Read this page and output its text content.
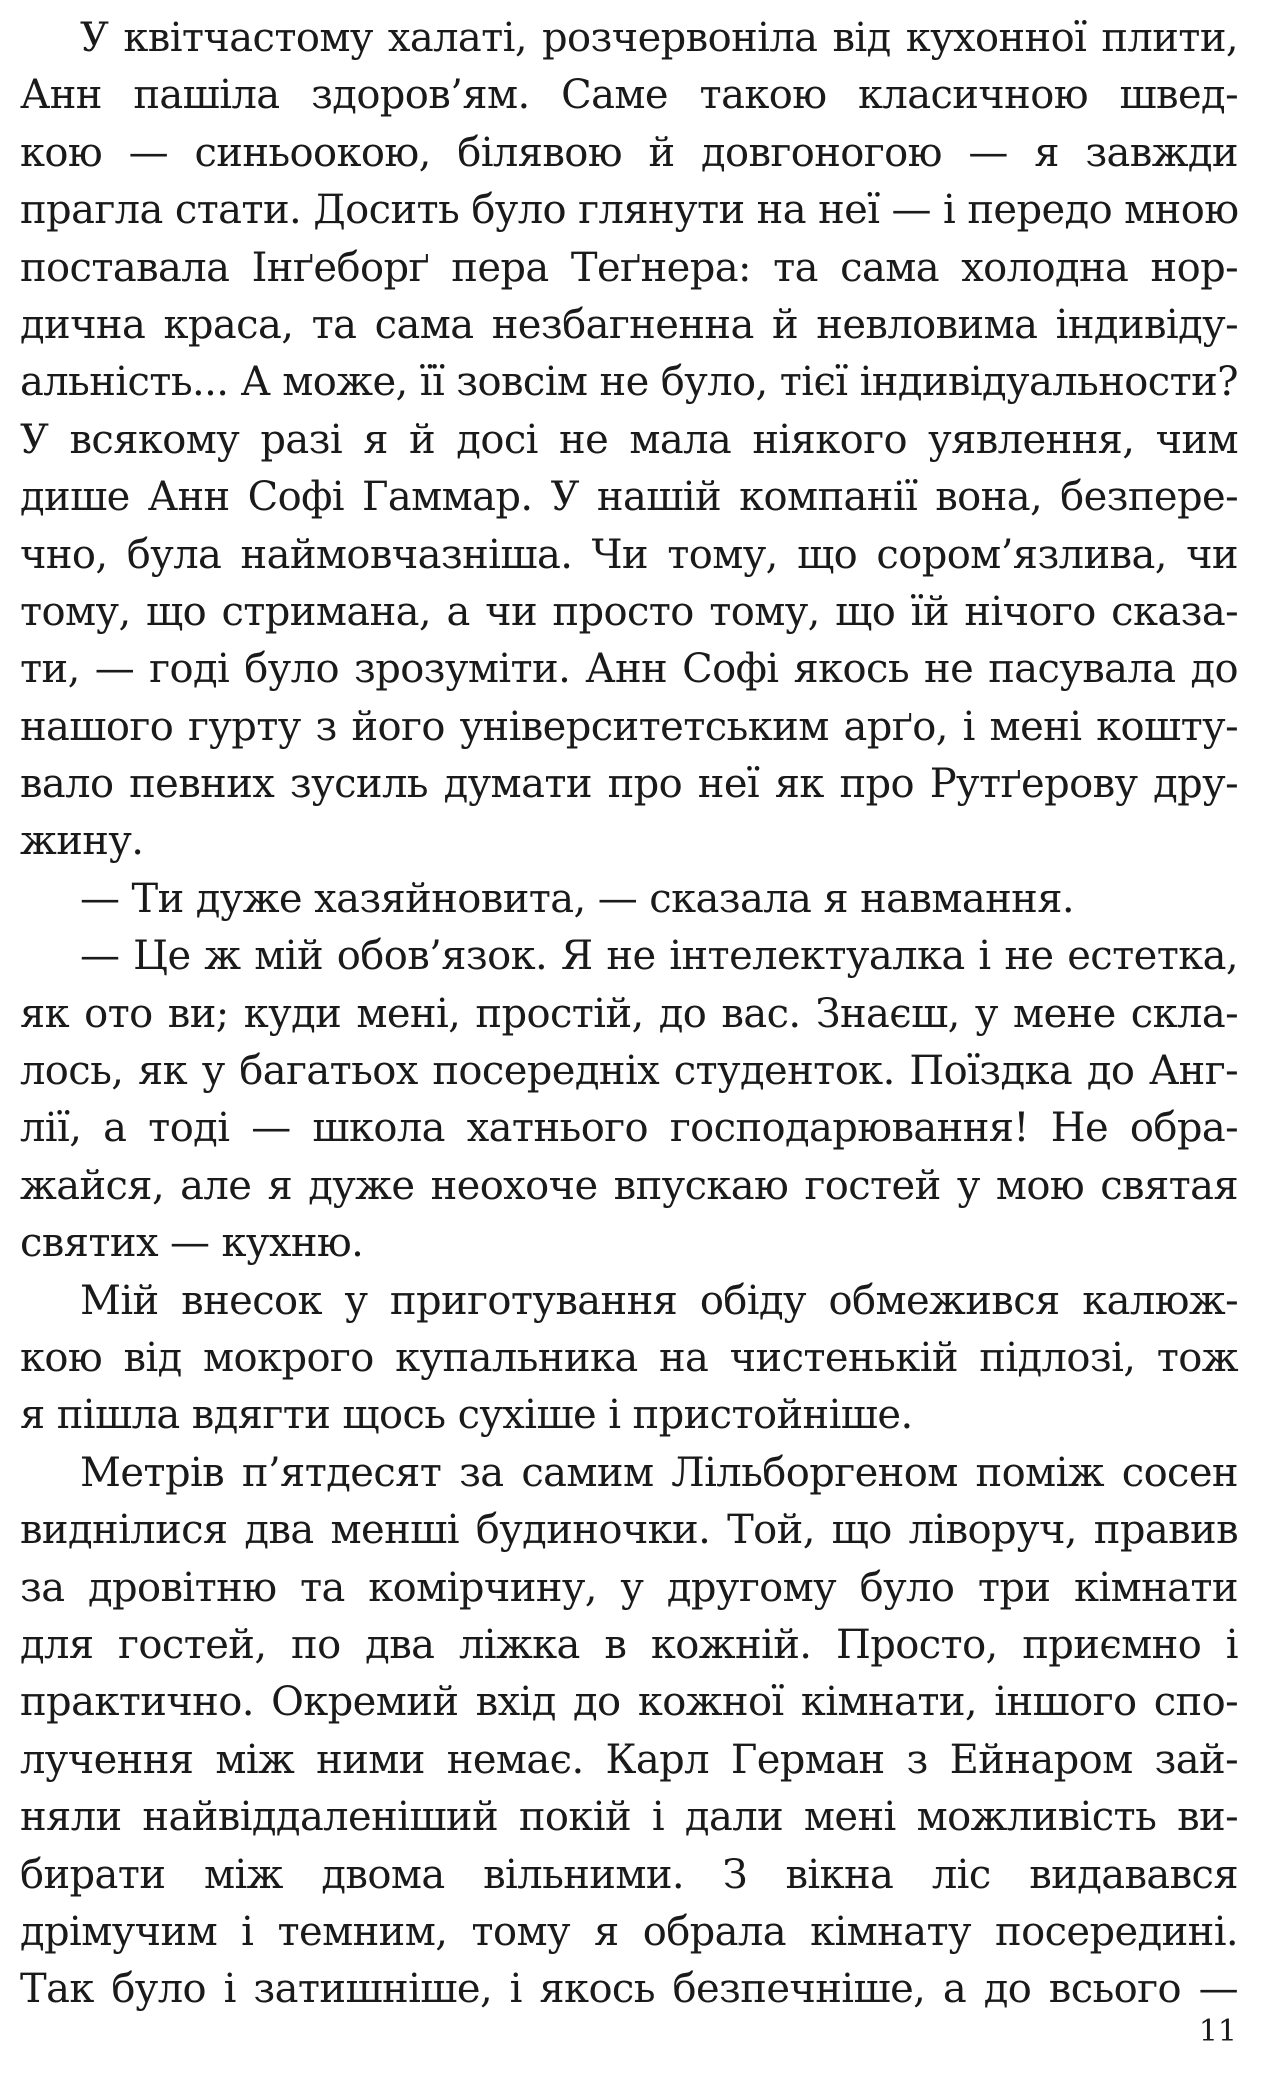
У квітчастому халаті, розчервоніла від кухонної плити,
Анн пашіла здоров’ям. Саме такою класичною швед-
кою — синьоокою, білявою й довгоногою — я завжди
прагла стати. Досить було глянути на неї — і передо мною
поставала Інґеборґ пера Теґнера: та сама холодна нор-
дична краса, та сама незбагненна й невловима індивіду-
альність... А може, її зовсім не було, тієї індивідуальности?
У всякому разі я й досі не мала ніякого уявлення, чим
дише Анн Софі Гаммар. У нашій компанії вона, безпере-
чно, була наймовчазніша. Чи тому, що сором’язлива, чи
тому, що стримана, а чи просто тому, що їй нічого сказа-
ти, — годі було зрозуміти. Анн Софі якось не пасувала до
нашого гурту з його університетським арґо, і мені кошту-
вало певних зусиль думати про неї як про Рутґерову дру-
жину.
— Ти дуже хазяйновита, — сказала я навмання.
— Це ж мій обов’язок. Я не інтелектуалка і не естетка,
як ото ви; куди мені, простій, до вас. Знаєш, у мене скла-
лось, як у багатьох посередніх студенток. Поїздка до Анг-
лії, а тоді — школа хатнього господарювання! Не обра-
жайся, але я дуже неохоче впускаю гостей у мою святая
святих — кухню.
Мій внесок у приготування обіду обмежився калюж-
кою від мокрого купальника на чистенькій підлозі, тож
я пішла вдягти щось сухіше і пристойніше.
Метрів п’ятдесят за самим Лільборгеном поміж сосен
виднілися два менші будиночки. Той, що ліворуч, правив
за дровітню та комірчину, у другому було три кімнати
для гостей, по два ліжка в кожній. Просто, приємно і
практично. Окремий вхід до кожної кімнати, іншого спо-
лучення між ними немає. Карл Герман з Ейнаром зай-
няли найвіддаленіший покій і дали мені можливість ви-
бирати між двома вільними. З вікна ліс видавався
дрімучим і темним, тому я обрала кімнату посередині.
Так було і затишніше, і якось безпечніше, а до всього —
11
